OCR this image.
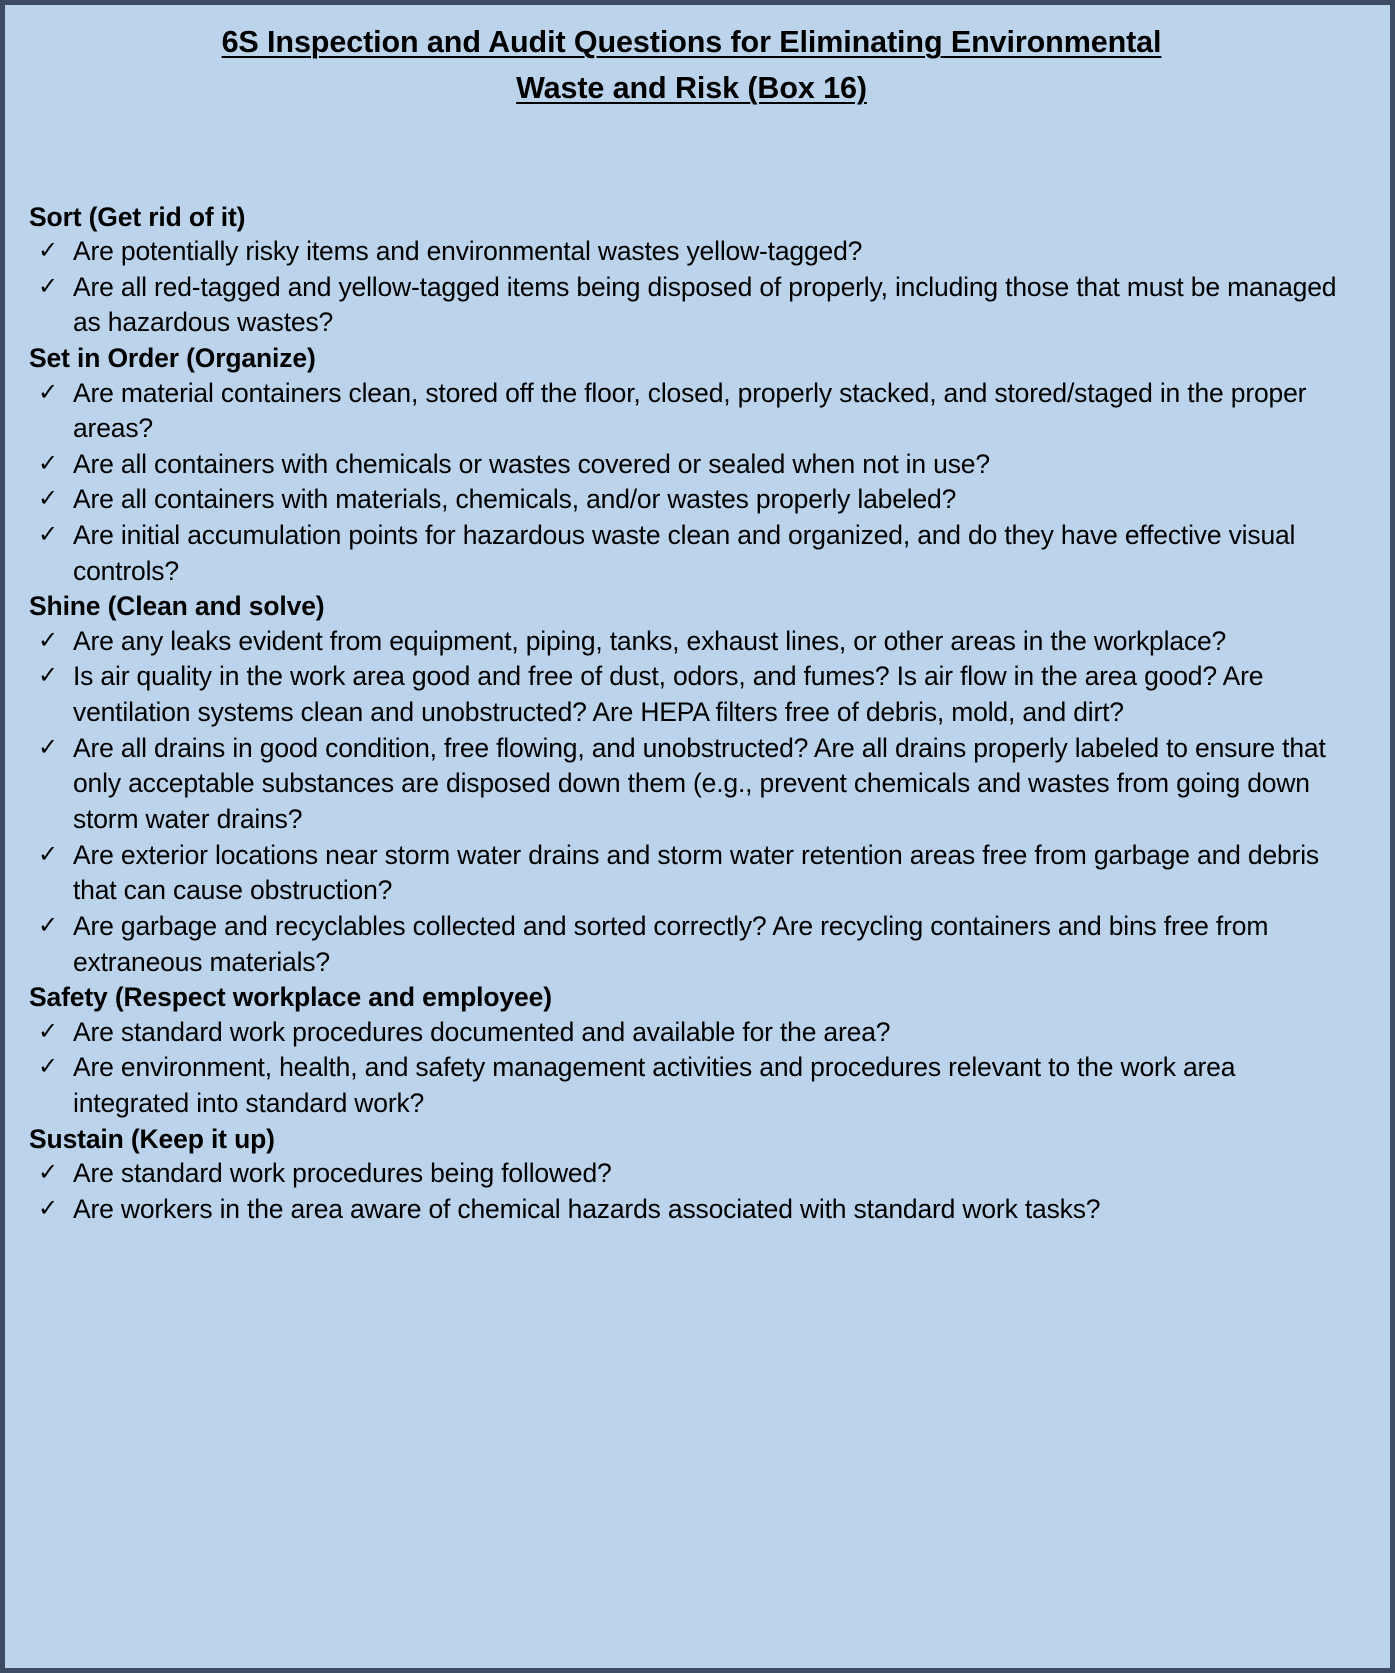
6S Inspection and Audit Questions for Eliminating Environmental
Waste and Risk (Box 16)
Sort (Get rid of it)
✓ Are potentially risky items and environmental wastes yellow-tagged?
✓ Are all red-tagged and yellow-tagged items being disposed of properly, including those that must be managed as hazardous wastes?
Set in Order (Organize)
✓ Are material containers clean, stored off the floor, closed, properly stacked, and stored/staged in the proper areas?
✓ Are all containers with chemicals or wastes covered or sealed when not in use?
✓ Are all containers with materials, chemicals, and/or wastes properly labeled?
✓ Are initial accumulation points for hazardous waste clean and organized, and do they have effective visual controls?
Shine (Clean and solve)
✓ Are any leaks evident from equipment, piping, tanks, exhaust lines, or other areas in the workplace?
✓ Is air quality in the work area good and free of dust, odors, and fumes? Is air flow in the area good? Are ventilation systems clean and unobstructed? Are HEPA filters free of debris, mold, and dirt?
✓ Are all drains in good condition, free flowing, and unobstructed? Are all drains properly labeled to ensure that only acceptable substances are disposed down them (e.g., prevent chemicals and wastes from going down storm water drains?
✓ Are exterior locations near storm water drains and storm water retention areas free from garbage and debris that can cause obstruction?
✓ Are garbage and recyclables collected and sorted correctly? Are recycling containers and bins free from extraneous materials?
Safety (Respect workplace and employee)
✓ Are standard work procedures documented and available for the area?
✓ Are environment, health, and safety management activities and procedures relevant to the work area integrated into standard work?
Sustain (Keep it up)
✓ Are standard work procedures being followed?
✓ Are workers in the area aware of chemical hazards associated with standard work tasks?
